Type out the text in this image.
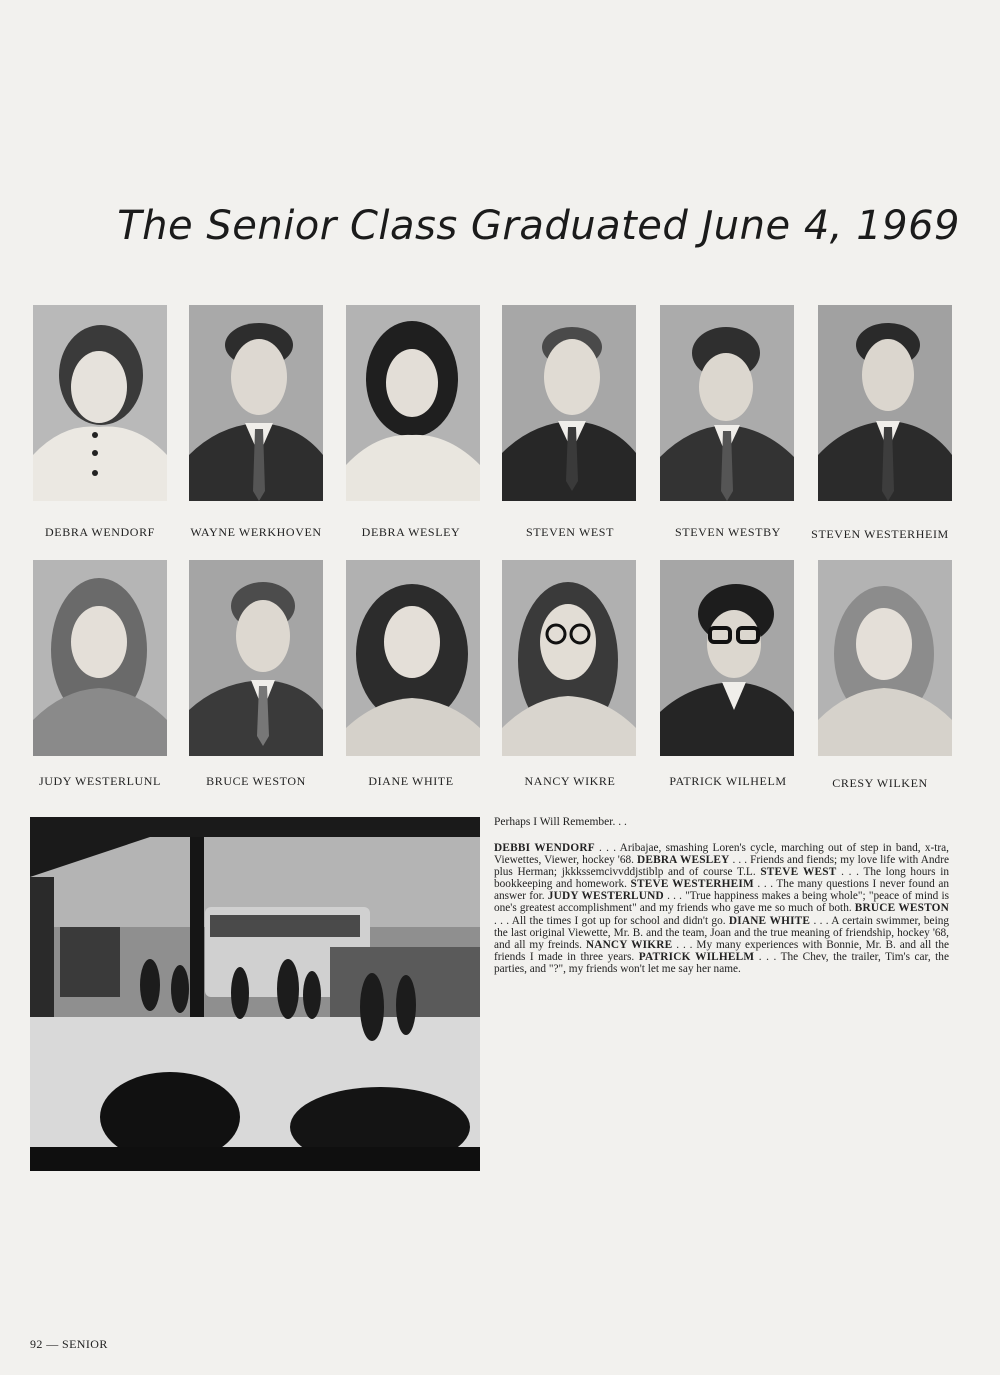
The Senior Class Graduated June 4, 1969
DEBRA WENDORF	WAYNE WERKHOVEN	DEBRA WESLEY	STEVEN WEST	STEVEN WESTBY	STEVEN WESTERHEIM
JUDY WESTERLUNL	BRUCE WESTON	DIANE WHITE	NANCY WIKRE	PATRICK WILHELM	CRESY WILKEN
Perhaps I Will Remember. . .

DEBBI WENDORF . . . Aribajae, smashing Loren's cycle, marching out of step in band, x-tra, Viewettes, Viewer, hockey '68. DEBRA WESLEY . . . Friends and fiends; my love life with Andre plus Herman; jkkkssemcivvddjstiblp and of course T.L. STEVE WEST . . . The long hours in bookkeeping and homework. STEVE WESTERHEIM . . . The many questions I never found an answer for. JUDY WESTERLUND . . . "True happiness makes a being whole"; "peace of mind is one's greatest accomplishment" and my friends who gave me so much of both. BRUCE WESTON . . . All the times I got up for school and didn't go. DIANE WHITE . . . A certain swimmer, being the last original Viewette, Mr. B. and the team, Joan and the true meaning of friendship, hockey '68, and all my freinds. NANCY WIKRE . . . My many experiences with Bonnie, Mr. B. and all the friends I made in three years. PATRICK WILHELM . . . The Chev, the trailer, Tim's car, the parties, and "?", my friends won't let me say her name.

92 — SENIOR
